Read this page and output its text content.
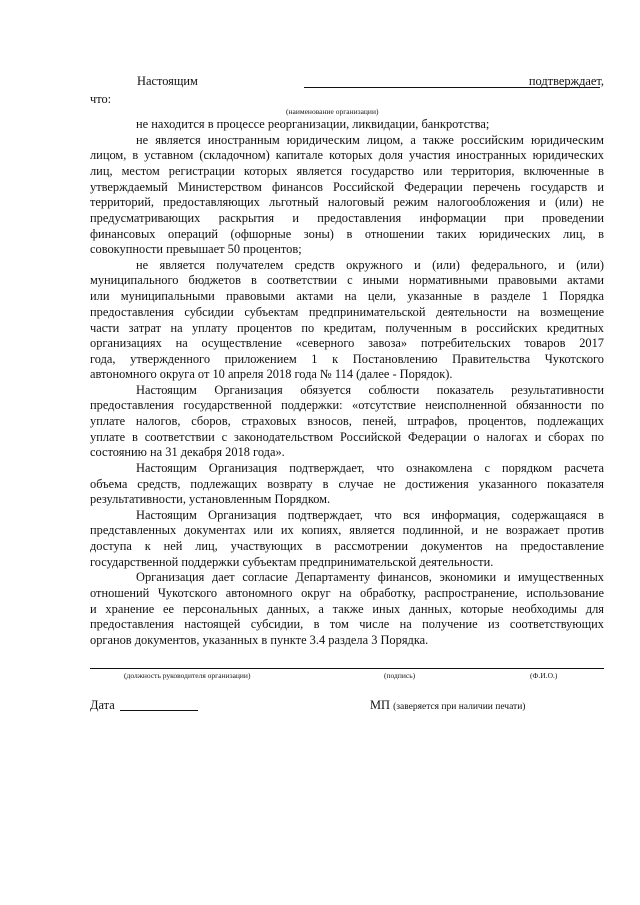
Настоящим	подтверждает,
что:
(наименование организации)
не находится в процессе реорганизации, ликвидации, банкротства;
не является иностранным юридическим лицом, а также российским юридическим
лицом, в уставном (складочном) капитале которых доля участия иностранных юридических
лиц, местом регистрации которых является государство или территория, включенные в
утверждаемый Министерством финансов Российской Федерации перечень государств и
территорий, предоставляющих льготный налоговый режим налогообложения и (или) не
предусматривающих раскрытия и предоставления информации при проведении
финансовых операций (офшорные зоны) в отношении таких юридических лиц, в
совокупности превышает 50 процентов;
не является получателем средств окружного и (или) федерального, и (или)
муниципального бюджетов в соответствии с иными нормативными правовыми актами
или муниципальными правовыми актами на цели, указанные в разделе 1 Порядка
предоставления субсидии субъектам предпринимательской деятельности на возмещение
части затрат на уплату процентов по кредитам, полученным в российских кредитных
организациях на осуществление «северного завоза» потребительских товаров 2017
года, утвержденного приложением 1 к Постановлению Правительства Чукотского
автономного округа от 10 апреля 2018 года № 114 (далее - Порядок).
Настоящим Организация обязуется соблюсти показатель результативности
предоставления государственной поддержки: «отсутствие неисполненной обязанности по
уплате налогов, сборов, страховых взносов, пеней, штрафов, процентов, подлежащих
уплате в соответствии с законодательством Российской Федерации о налогах и сборах по
состоянию на 31 декабря 2018 года».
Настоящим Организация подтверждает, что ознакомлена с порядком расчета
объема средств, подлежащих возврату в случае не достижения указанного показателя
результативности, установленным Порядком.
Настоящим Организация подтверждает, что вся информация, содержащаяся в
представленных документах или их копиях, является подлинной, и не возражает против
доступа к ней лиц, участвующих в рассмотрении документов на предоставление
государственной поддержки субъектам предпринимательской деятельности.
Организация дает согласие Департаменту финансов, экономики и имущественных
отношений Чукотского автономного округ на обработку, распространение, использование
и хранение ее персональных данных, а также иных данных, которые необходимы для
предоставления настоящей субсидии, в том числе на получение из соответствующих
органов документов, указанных в пункте 3.4 раздела 3 Порядка.
(должность руководителя организации)	(подпись)	(Ф.И.О.)
Дата	МП (заверяется при наличии печати)
